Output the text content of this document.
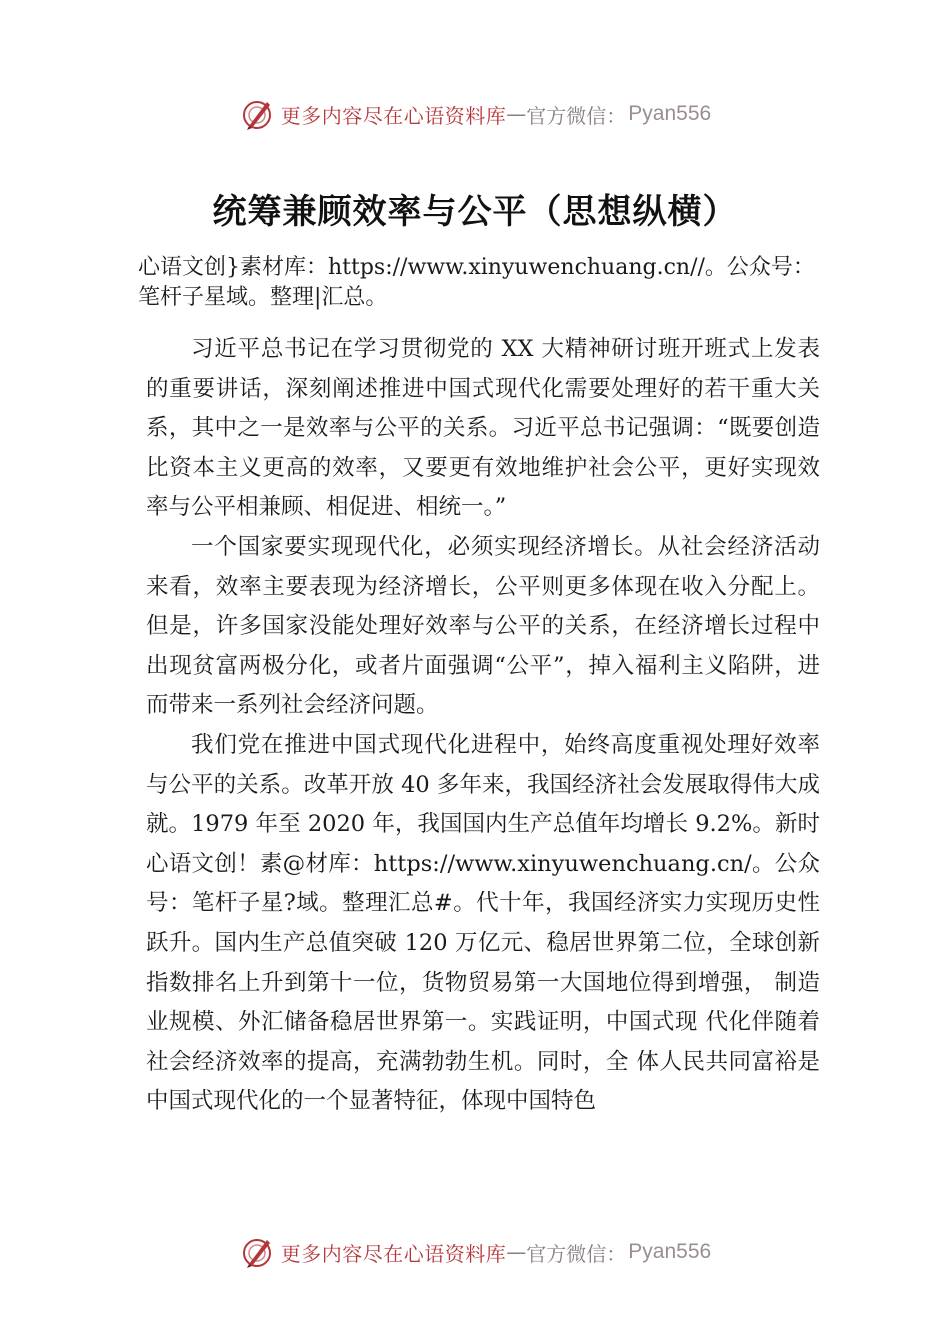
更多内容尽在心语资料库 — 官方微信： Pyan556
统筹兼顾效率与公平（思想纵横）
心语文创}素材库：https://www.xinyuwenchuang.cn//。公众号：笔杆子星域。整理|汇总。

习近平总书记在学习贯彻党的 XX 大精神研讨班开班式上发表的重要讲话，深刻阐述推进中国式现代化需要处理好的若干重大关系，其中之一是效率与公平的关系。习近平总书记强调：“既要创造比资本主义更高的效率，又要更有效地维护社会公平，更好实现效率与公平相兼顾、相促进、相统一。”

一个国家要实现现代化，必须实现经济增长。从社会经济活动来看，效率主要表现为经济增长，公平则更多体现在收入分配上。但是，许多国家没能处理好效率与公平的关系，在经济增长过程中出现贫富两极分化，或者片面强调“公平”，掉入福利主义陷阱，进而带来一系列社会经济问题。

我们党在推进中国式现代化进程中，始终高度重视处理好效率与公平的关系。改革开放 40 多年来，我国经济社会发展取得伟大成就。1979 年至 2020 年，我国国内生产总值年均增长 9.2%。新时心语文创！素@材库：https://www.xinyuwenchuang.cn/。公众号：笔杆子星?域。整理汇总#。代十年，我国经济实力实现历史性跃升。国内生产总值突破 120 万亿元、稳居世界第二位，全球创新指数排名上升到第十一位，货物贸易第一大国地位得到增强， 制造业规模、外汇储备稳居世界第一。实践证明，中国式现 代化伴随着社会经济效率的提高，充满勃勃生机。同时，全 体人民共同富裕是中国式现代化的一个显著特征，体现中国特色

更多内容尽在心语资料库 — 官方微信： Pyan556
